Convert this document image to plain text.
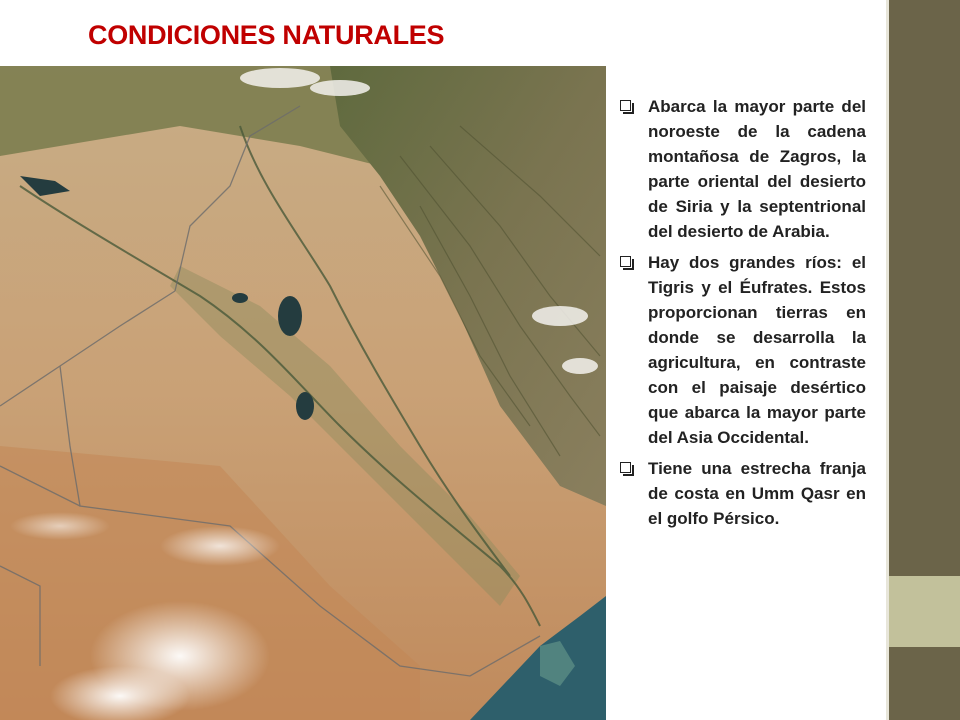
CONDICIONES NATURALES
Abarca la mayor parte del noroeste de la cadena montañosa de Zagros, la parte oriental del desierto de Siria y la septentrional del desierto de Arabia.
Hay dos grandes ríos: el Tigris y el Éufrates. Estos proporcionan tierras en donde se desarrolla la agricultura, en contraste con el paisaje desértico que abarca la mayor parte del Asia Occidental.
Tiene una estrecha franja de costa en Umm Qasr en el golfo Pérsico.
